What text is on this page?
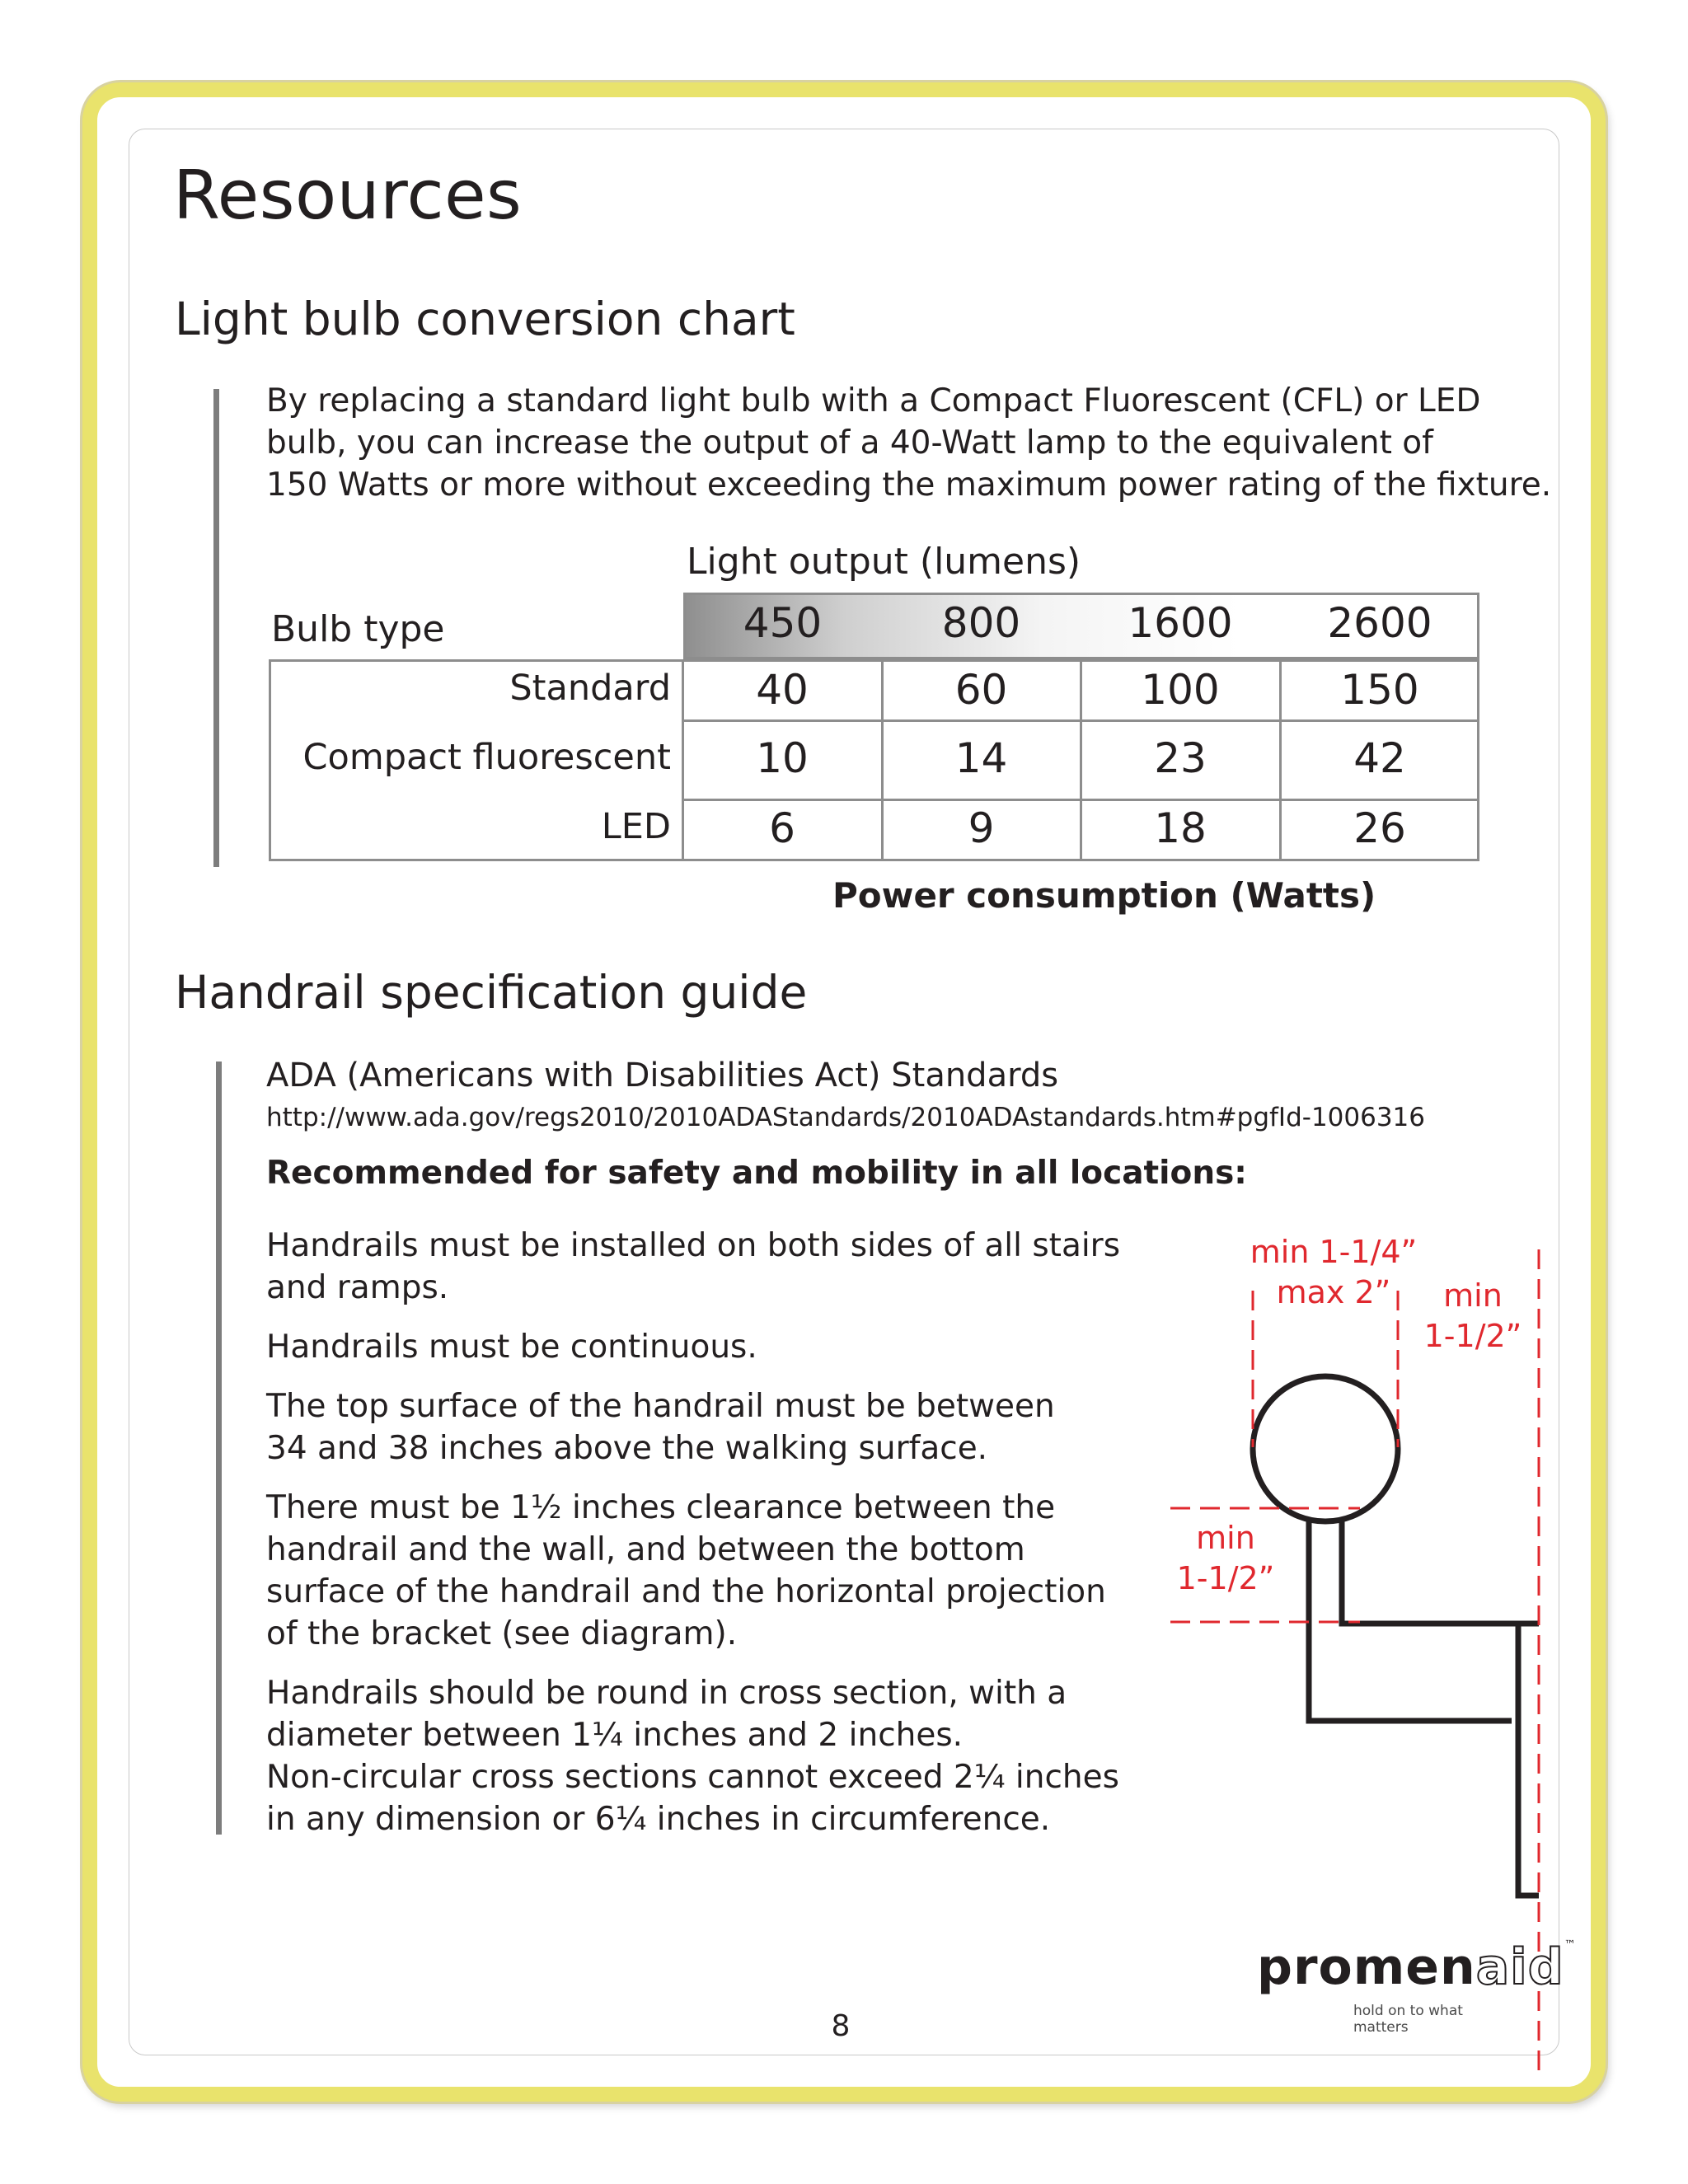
Resources
Light bulb conversion chart
By replacing a standard light bulb with a Compact Fluorescent (CFL) or LED
bulb, you can increase the output of a 40-Watt lamp to the equivalent of
150 Watts or more without exceeding the maximum power rating of the fixture.
Light output (lumens)
Bulb type	450	800	1600	2600
Standard	40	60	100	150
Compact fluorescent	10	14	23	42
LED	6	9	18	26
Power consumption (Watts)
Handrail specification guide
ADA (Americans with Disabilities Act) Standards
http://www.ada.gov/regs2010/2010ADAStandards/2010ADAstandards.htm#pgfId-1006316
Recommended for safety and mobility in all locations:
Handrails must be installed on both sides of all stairs
and ramps.
Handrails must be continuous.
The top surface of the handrail must be between
34 and 38 inches above the walking surface.
There must be 1½ inches clearance between the
handrail and the wall, and between the bottom
surface of the handrail and the horizontal projection
of the bracket (see diagram).
Handrails should be round in cross section, with a
diameter between 1¼ inches and 2 inches.
Non-circular cross sections cannot exceed 2¼ inches
in any dimension or 6¼ inches in circumference.
min 1-1/4”
max 2”	min
1-1/2”
min
1-1/2”
promenaid™
hold on to what matters
8
